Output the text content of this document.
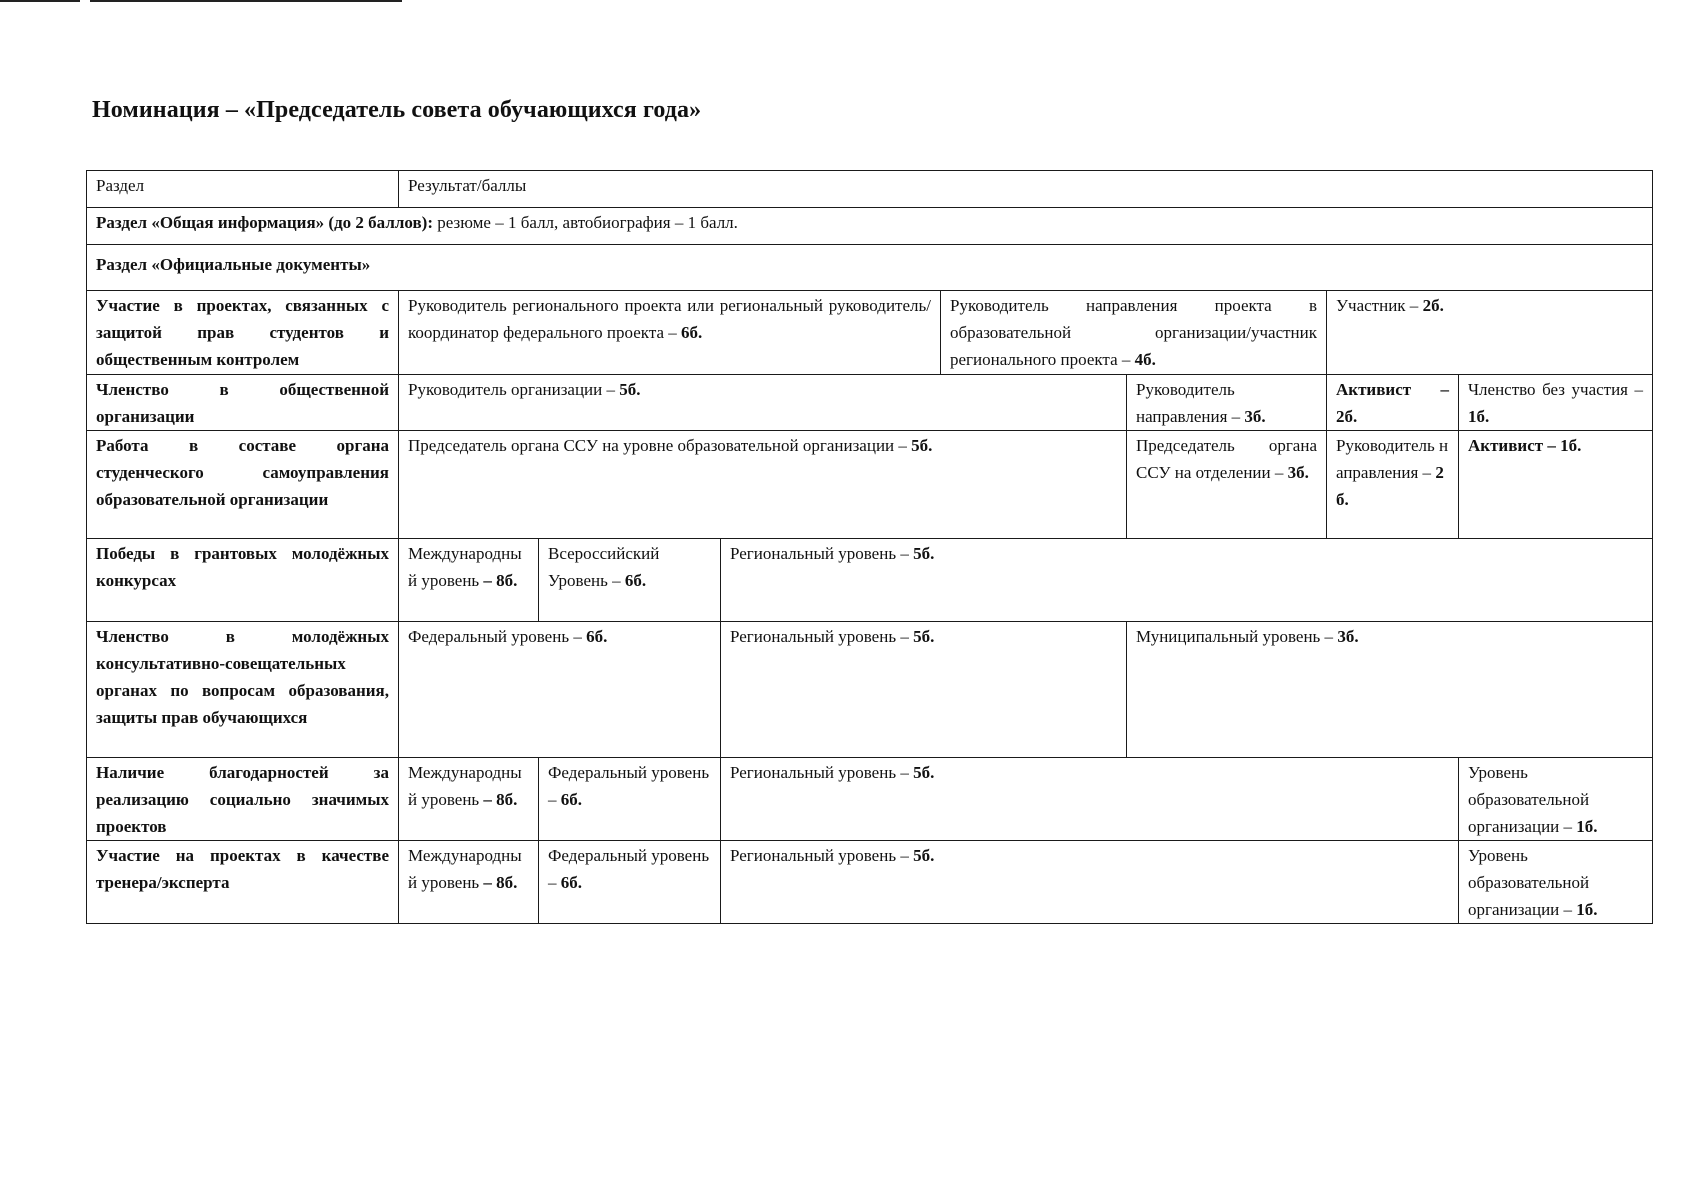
Номинация – «Председатель совета обучающихся года»
Раздел	Результат/баллы						
Раздел «Общая информация» (до 2 баллов): резюме – 1 балл, автобиография – 1 балл.							
Раздел «Официальные документы»							
Участие в проектах, связанных с защитой прав студентов и общественным контролем	Руководитель регионального проекта или региональный руководитель/координатор федерального проекта – 6б.			Руководитель направления проекта в образовательной организации/участник регионального проекта – 4б.		Участник – 2б.	
Членство в общественной организации	Руководитель организации – 5б.				Руководитель направления – 3б.	Активист – 2б.	Членство без участия – 1б.
Работа в составе органа студенческого самоуправления образовательной организации	Председатель органа ССУ на уровне образовательной организации – 5б.				Председатель органа ССУ на отделении – 3б.	Руководитель направления – 2б.	Активист – 1б.
Победы в грантовых молодёжных конкурсах	Международный уровень – 8б.	Всероссийский Уровень – 6б.	Региональный уровень – 5б.				
Членство в молодёжных консультативно-совещательных органах по вопросам образования, защиты прав обучающихся	Федеральный уровень – 6б.		Региональный уровень – 5б.		Муниципальный уровень – 3б.		
Наличие благодарностей за реализацию социально значимых проектов	Международный уровень – 8б.	Федеральный уровень – 6б.	Региональный уровень – 5б.				Уровень образовательной организации – 1б.
Участие на проектах в качестве тренера/эксперта	Международный уровень – 8б.	Федеральный уровень – 6б.	Региональный уровень – 5б.				Уровень образовательной организации – 1б.
